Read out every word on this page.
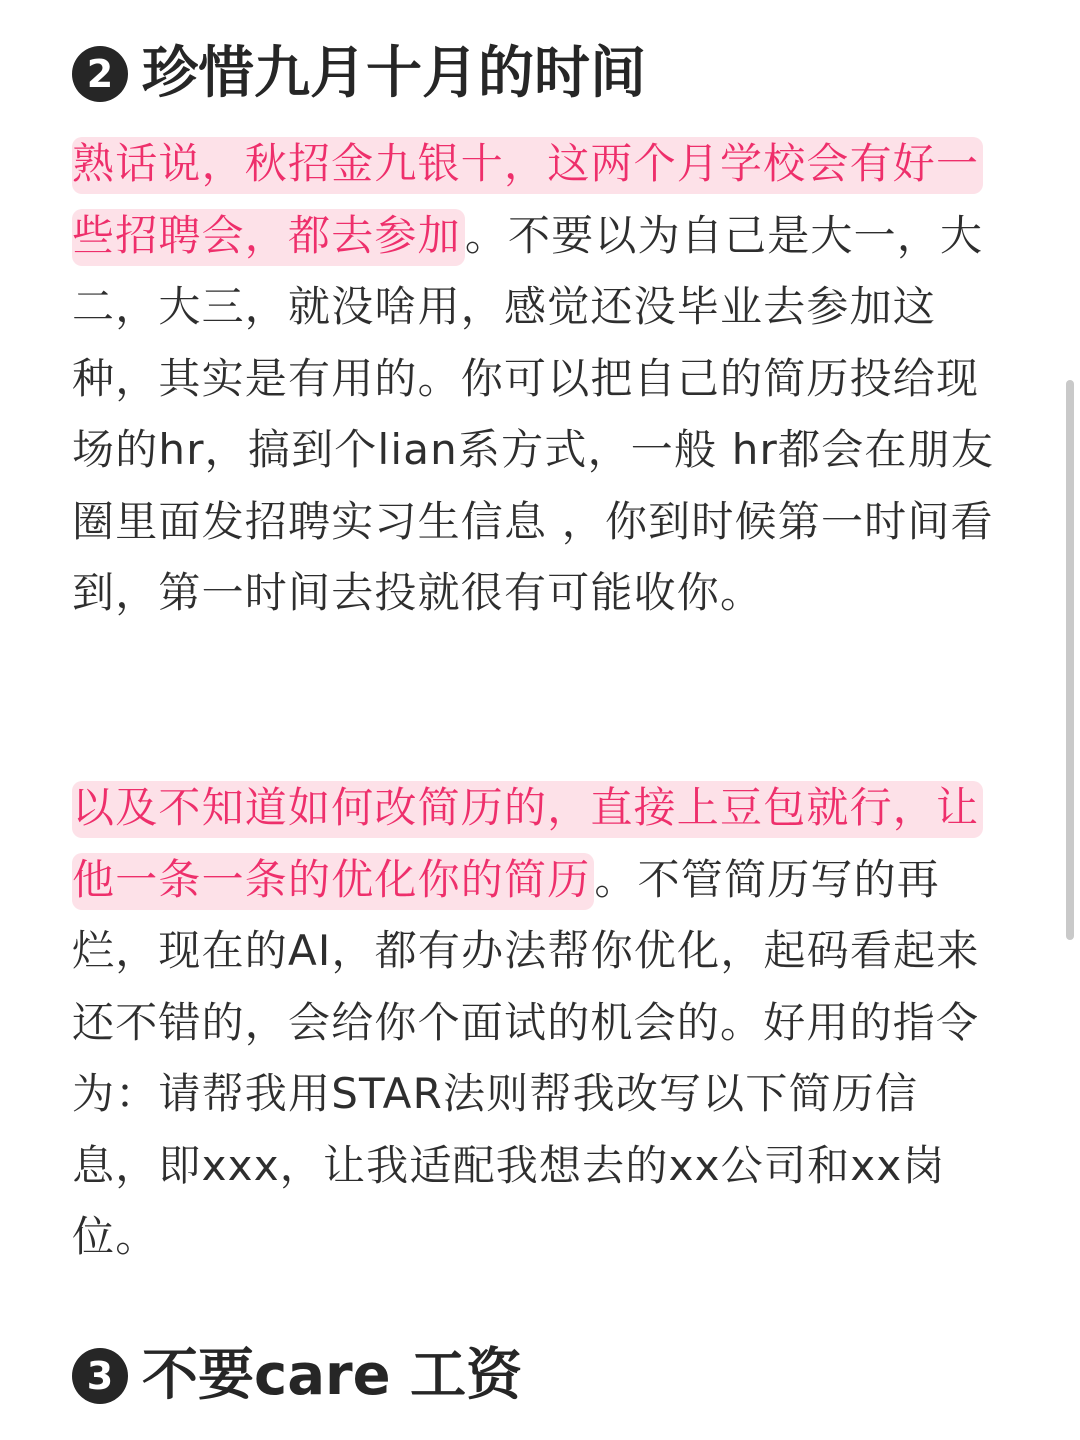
2 珍惜九月十月的时间

熟话说，秋招金九银十，这两个月学校会有好一些招聘会，都去参加。不要以为自己是大一，大二，大三，就没啥用，感觉还没毕业去参加这种，其实是有用的。你可以把自己的简历投给现场的hr，搞到个lian系方式，一般 hr都会在朋友圈里面发招聘实习生信息 ，你到时候第一时间看到，第一时间去投就很有可能收你。

以及不知道如何改简历的，直接上豆包就行，让他一条一条的优化你的简历。不管简历写的再烂，现在的AI，都有办法帮你优化，起码看起来还不错的，会给你个面试的机会的。好用的指令为：请帮我用STAR法则帮我改写以下简历信息，即xxx，让我适配我想去的xx公司和xx岗位。

3 不要care 工资
